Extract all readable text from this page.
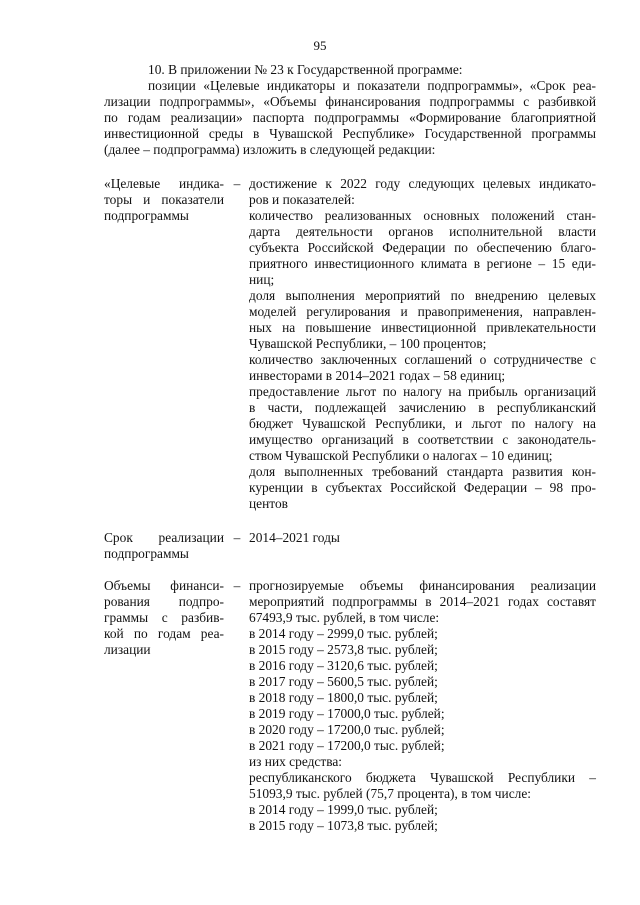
95

10. В приложении № 23 к Государственной программе:

позиции «Целевые индикаторы и показатели подпрограммы», «Срок реа-

лизации подпрограммы», «Объемы финансирования подпрограммы с разбивкой

по годам реализации» паспорта подпрограммы «Формирование благоприятной

инвестиционной среды в Чувашской Республике» Государственной программы

(далее – подпрограмма) изложить в следующей редакции:

«Целевые индика-
торы и показатели
подпрограммы
– достижение к 2022 году следующих целевых индикато-
ров и показателей:
количество реализованных основных положений стан-
дарта деятельности органов исполнительной власти
субъекта Российской Федерации по обеспечению благо-
приятного инвестиционного климата в регионе – 15 еди-
ниц;
доля выполнения мероприятий по внедрению целевых
моделей регулирования и правоприменения, направлен-
ных на повышение инвестиционной привлекательности
Чувашской Республики, – 100 процентов;
количество заключенных соглашений о сотрудничестве с
инвесторами в 2014–2021 годах – 58 единиц;
предоставление льгот по налогу на прибыль организаций
в части, подлежащей зачислению в республиканский
бюджет Чувашской Республики, и льгот по налогу на
имущество организаций в соответствии с законодатель-
ством Чувашской Республики о налогах – 10 единиц;
доля выполненных требований стандарта развития кон-
куренции в субъектах Российской Федерации – 98 про-
центов
Срок реализации
подпрограммы
– 2014–2021 годы
Объемы финанси-
рования подпро-
граммы с разбив-
кой по годам реа-
лизации
– прогнозируемые объемы финансирования реализации
мероприятий подпрограммы в 2014–2021 годах составят
67493,9 тыс. рублей, в том числе:
в 2014 году – 2999,0 тыс. рублей;
в 2015 году – 2573,8 тыс. рублей;
в 2016 году – 3120,6 тыс. рублей;
в 2017 году – 5600,5 тыс. рублей;
в 2018 году – 1800,0 тыс. рублей;
в 2019 году – 17000,0 тыс. рублей;
в 2020 году – 17200,0 тыс. рублей;
в 2021 году – 17200,0 тыс. рублей;
из них средства:
республиканского бюджета Чувашской Республики –
51093,9 тыс. рублей (75,7 процента), в том числе:
в 2014 году – 1999,0 тыс. рублей;
в 2015 году – 1073,8 тыс. рублей;
